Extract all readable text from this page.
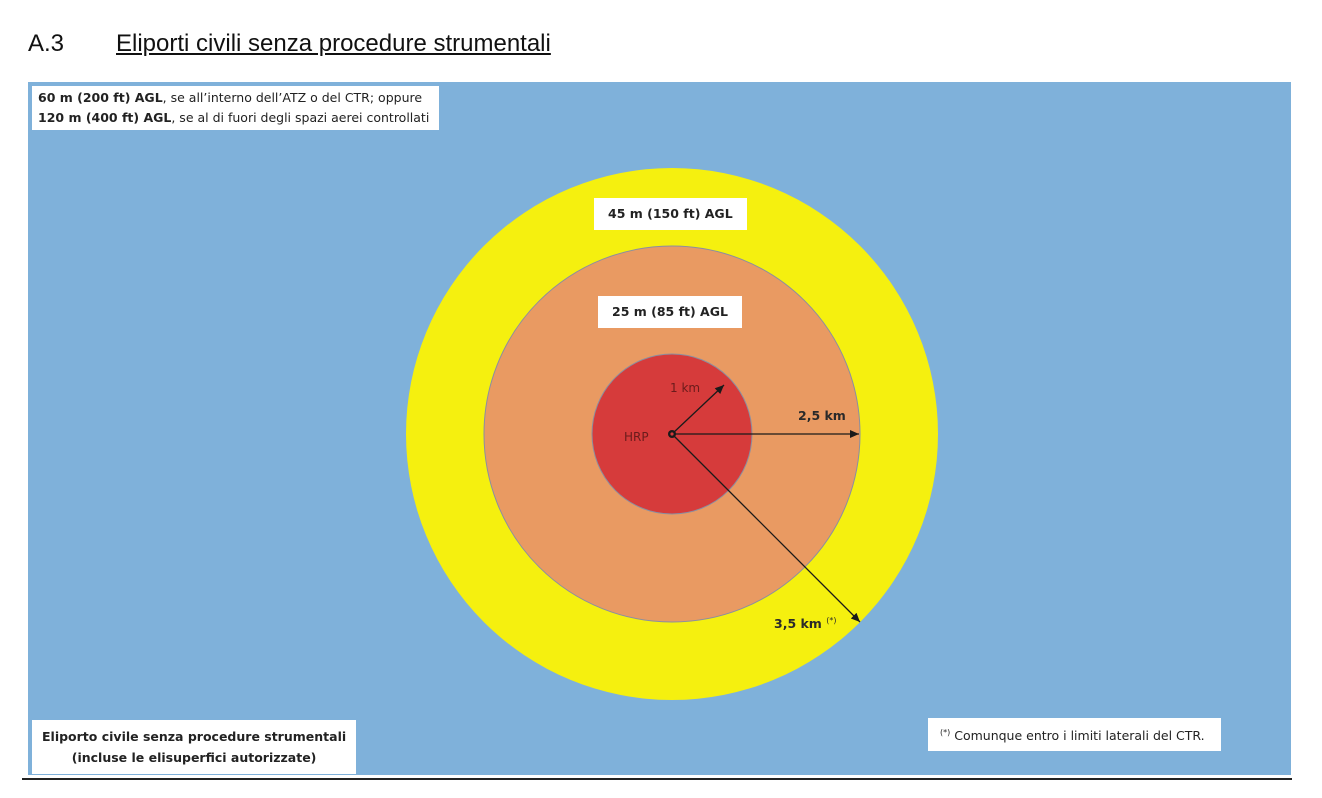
A.3 Eliporti civili senza procedure strumentali
60 m (200 ft) AGL, se all’interno dell’ATZ o del CTR; oppure
120 m (400 ft) AGL, se al di fuori degli spazi aerei controllati
45 m (150 ft) AGL
25 m (85 ft) AGL
HRP
1 km
2,5 km
3,5 km (*)
Eliporto civile senza procedure strumentali
(incluse le elisuperfici autorizzate)
(*) Comunque entro i limiti laterali del CTR.
